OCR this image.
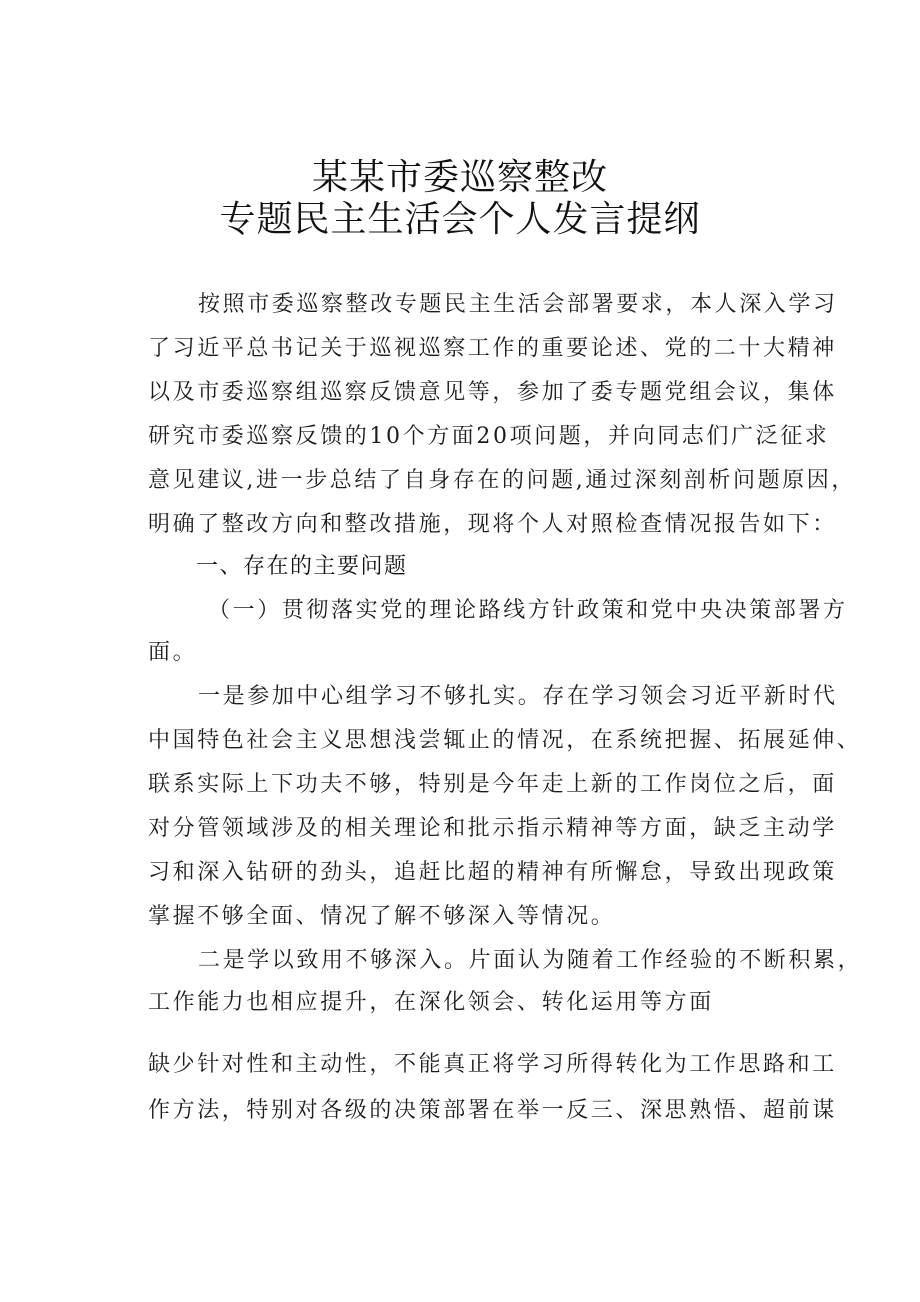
某某市委巡察整改
专题民主生活会个人发言提纲
按照市委巡察整改专题民主生活会部署要求，本人深入学习
了习近平总书记关于巡视巡察工作的重要论述、党的二十大精神
以及市委巡察组巡察反馈意见等，参加了委专题党组会议，集体
研究市委巡察反馈的10个方面20项问题，并向同志们广泛征求
意见建议,进一步总结了自身存在的问题,通过深刻剖析问题原因，
明确了整改方向和整改措施，现将个人对照检查情况报告如下：
一、存在的主要问题
（一）贯彻落实党的理论路线方针政策和党中央决策部署方
面。
一是参加中心组学习不够扎实。存在学习领会习近平新时代
中国特色社会主义思想浅尝辄止的情况，在系统把握、拓展延伸、
联系实际上下功夫不够，特别是今年走上新的工作岗位之后，面
对分管领域涉及的相关理论和批示指示精神等方面，缺乏主动学
习和深入钻研的劲头，追赶比超的精神有所懈怠，导致出现政策
掌握不够全面、情况了解不够深入等情况。
二是学以致用不够深入。片面认为随着工作经验的不断积累，
工作能力也相应提升，在深化领会、转化运用等方面
缺少针对性和主动性，不能真正将学习所得转化为工作思路和工
作方法，特别对各级的决策部署在举一反三、深思熟悟、超前谋
